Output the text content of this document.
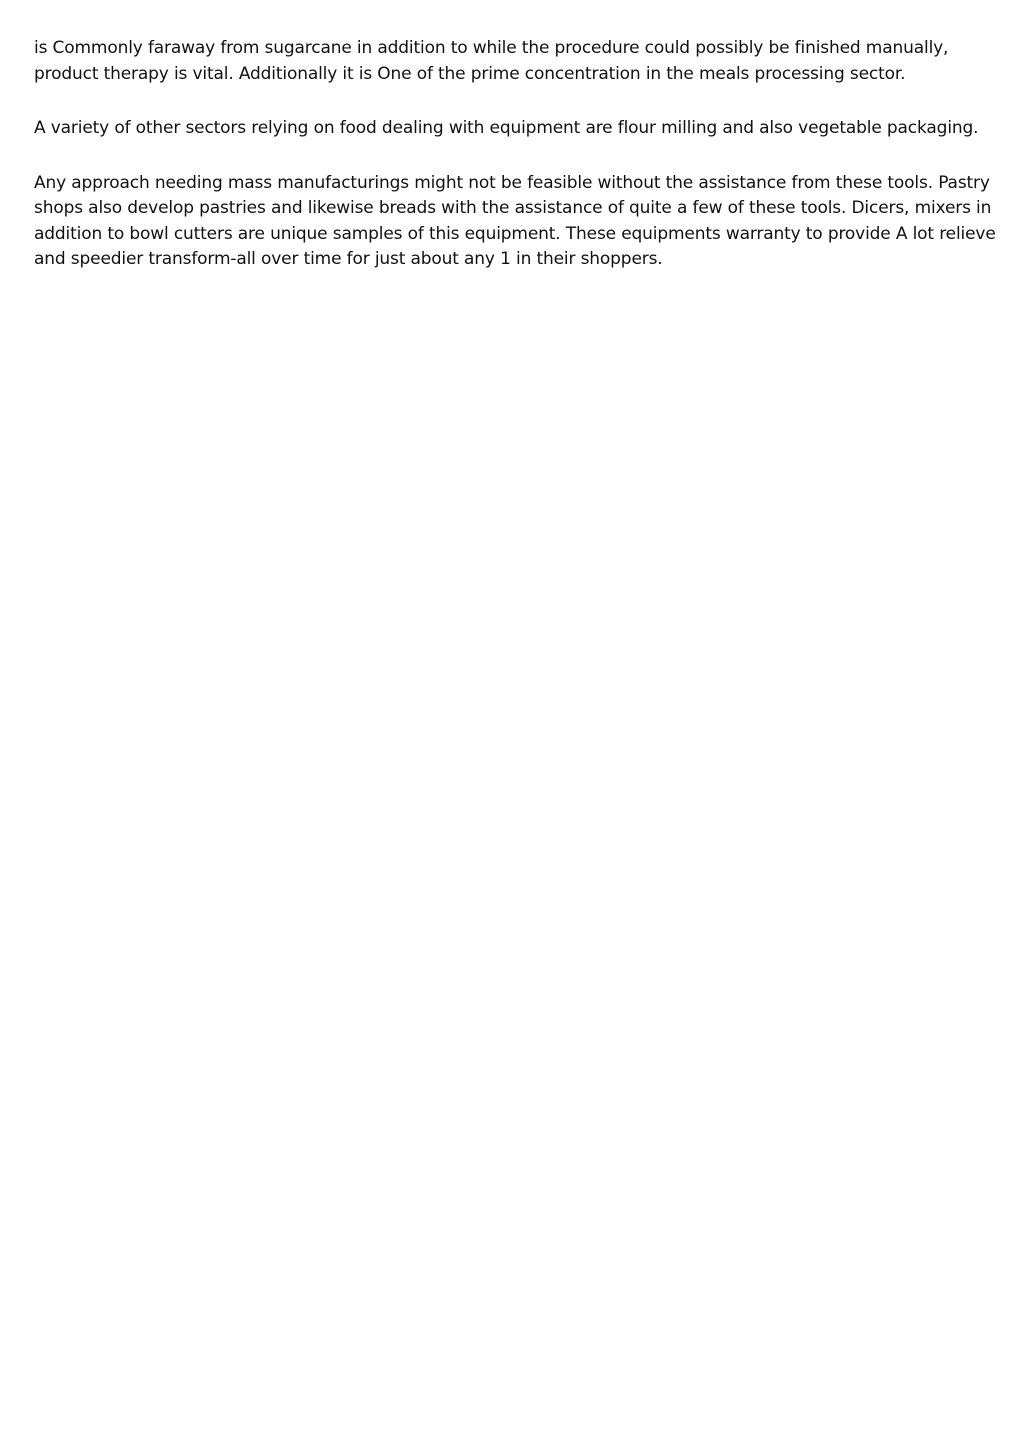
is Commonly faraway from sugarcane in addition to while the procedure could possibly be finished manually, product therapy is vital. Additionally it is One of the prime concentration in the meals processing sector.

A variety of other sectors relying on food dealing with equipment are flour milling and also vegetable packaging.

Any approach needing mass manufacturings might not be feasible without the assistance from these tools. Pastry shops also develop pastries and likewise breads with the assistance of quite a few of these tools. Dicers, mixers in addition to bowl cutters are unique samples of this equipment. These equipments warranty to provide A lot relieve and speedier transform-all over time for just about any 1 in their shoppers.
